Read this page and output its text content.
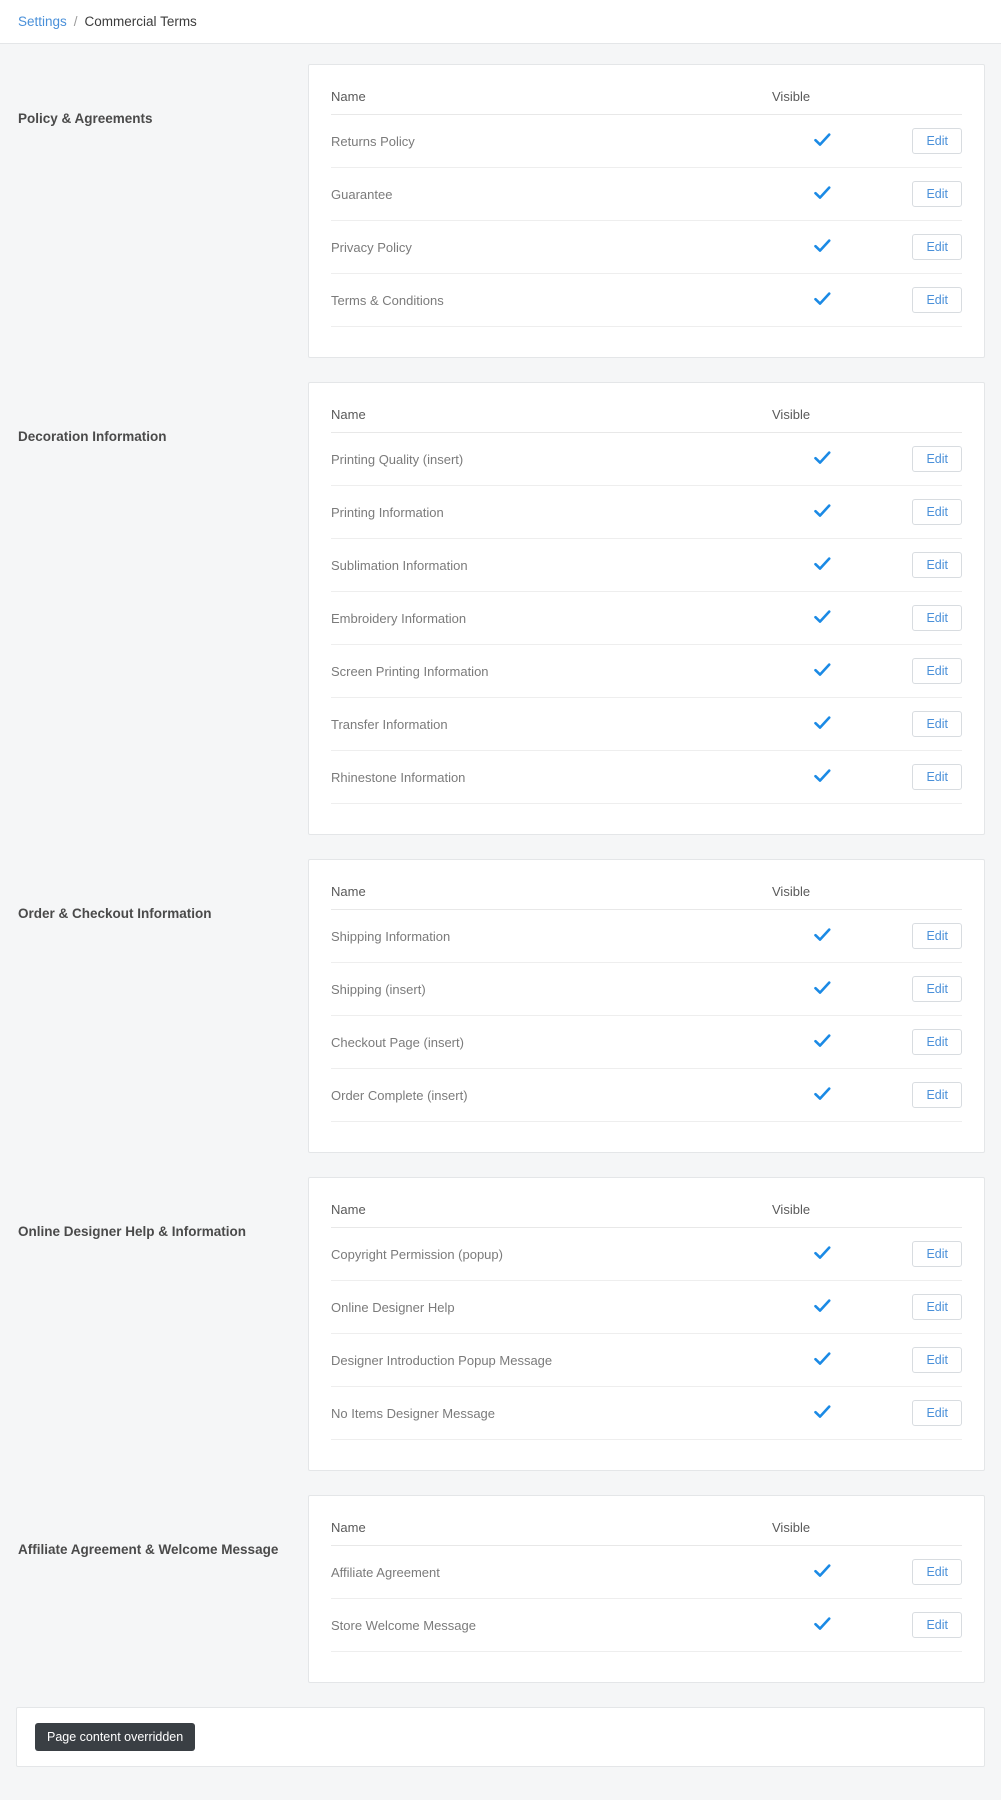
Settings / Commercial Terms
Policy & Agreements
Name	Visible	
Returns Policy		Edit
Guarantee		Edit
Privacy Policy		Edit
Terms & Conditions		Edit
Decoration Information
Name	Visible	
Printing Quality (insert)		Edit
Printing Information		Edit
Sublimation Information		Edit
Embroidery Information		Edit
Screen Printing Information		Edit
Transfer Information		Edit
Rhinestone Information		Edit
Order & Checkout Information
Name	Visible	
Shipping Information		Edit
Shipping (insert)		Edit
Checkout Page (insert)		Edit
Order Complete (insert)		Edit
Online Designer Help & Information
Name	Visible	
Copyright Permission (popup)		Edit
Online Designer Help		Edit
Designer Introduction Popup Message		Edit
No Items Designer Message		Edit
Affiliate Agreement & Welcome Message
Name	Visible	
Affiliate Agreement		Edit
Store Welcome Message		Edit
Page content overridden
